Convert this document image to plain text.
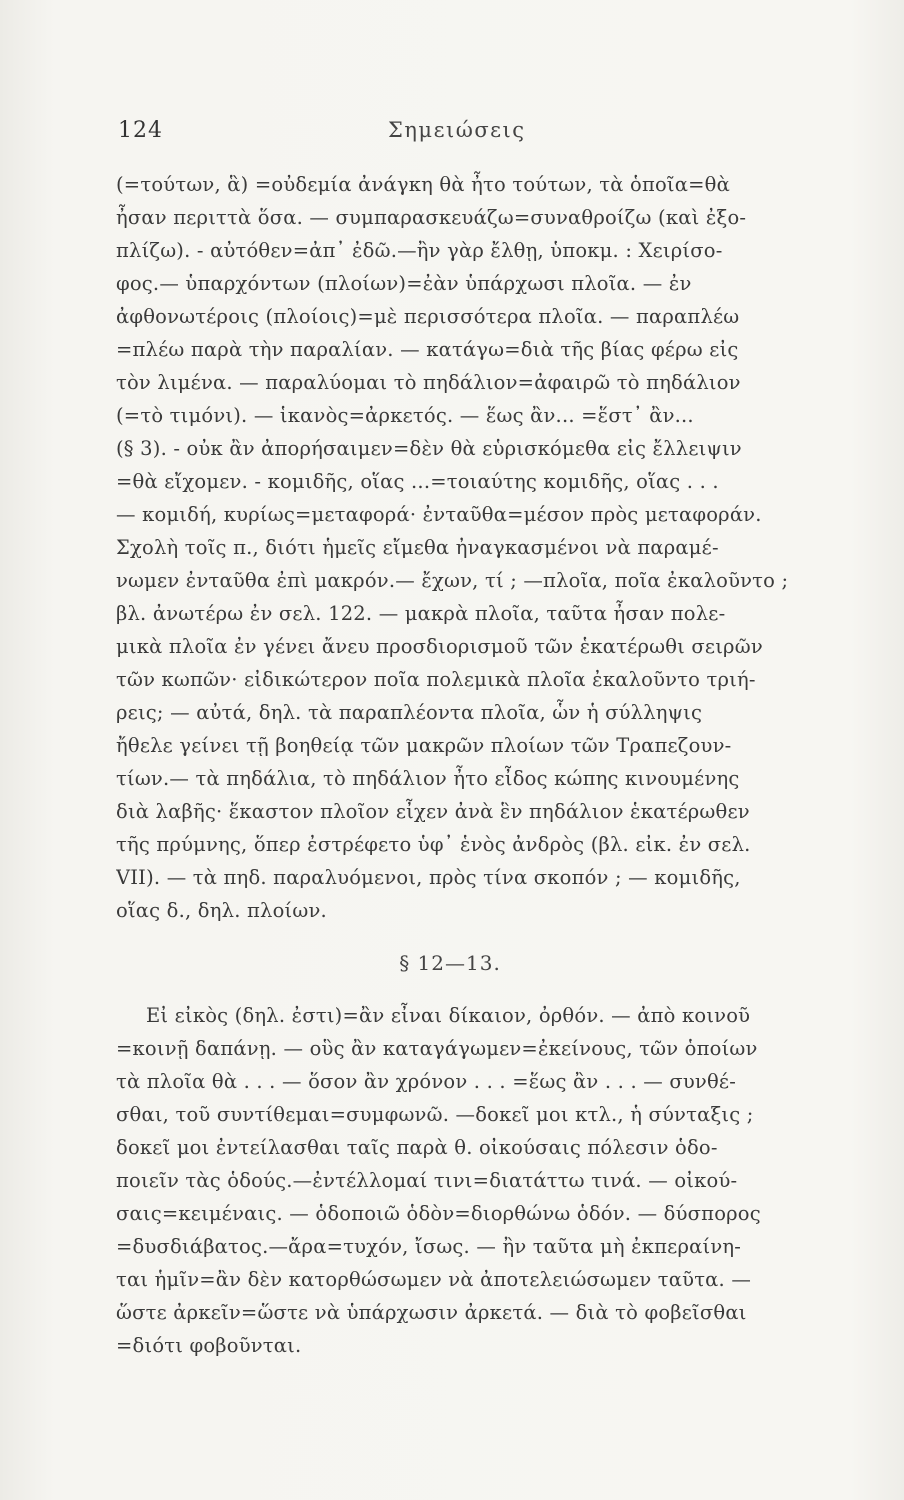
124	Σημειώσεις
(=τούτων, ἃ) =οὐδεμία ἀνάγκη θὰ ἦτο τούτων, τὰ ὁποῖα=θὰ
ἦσαν περιττὰ ὅσα. — συμπαρασκευάζω=συναθροίζω (καὶ ἐξο-
πλίζω). - αὐτόθεν=ἀπ᾿ ἐδῶ.—ἢν γὰρ ἔλθῃ, ὑποκμ. : Χειρίσο-
φος.— ὑπαρχόντων (πλοίων)=ἐὰν ὑπάρχωσι πλοῖα. — ἐν
ἀφθονωτέροις (πλοίοις)=μὲ περισσότερα πλοῖα. — παραπλέω
=πλέω παρὰ τὴν παραλίαν. — κατάγω=διὰ τῆς βίας φέρω εἰς
τὸν λιμένα. — παραλύομαι τὸ πηδάλιον=ἀφαιρῶ τὸ πηδάλιον
(=τὸ τιμόνι). — ἱκανὸς=ἀρκετός. — ἕως ἂν... =ἕστ᾿ ἂν...
(§ 3). - οὐκ ἂν ἀπορήσαιμεν=δὲν θὰ εὑρισκόμεθα εἰς ἔλλειψιν
=θὰ εἴχομεν. - κομιδῆς, οἵας ...=τοιαύτης κομιδῆς, οἵας . . .
— κομιδή, κυρίως=μεταφορά· ἐνταῦθα=μέσον πρὸς μεταφοράν.
Σχολὴ τοῖς π., διότι ἡμεῖς εἴμεθα ἠναγκασμένοι νὰ παραμέ-
νωμεν ἐνταῦθα ἐπὶ μακρόν.— ἔχων, τί ; —πλοῖα, ποῖα ἐκαλοῦντο ;
βλ. ἀνωτέρω ἐν σελ. 122. — μακρὰ πλοῖα, ταῦτα ἦσαν πολε-
μικὰ πλοῖα ἐν γένει ἄνευ προσδιορισμοῦ τῶν ἑκατέρωθι σειρῶν
τῶν κωπῶν· εἰδικώτερον ποῖα πολεμικὰ πλοῖα ἐκαλοῦντο τριή-
ρεις; — αὐτά, δηλ. τὰ παραπλέοντα πλοῖα, ὧν ἡ σύλληψις
ἤθελε γείνει τῇ βοηθείᾳ τῶν μακρῶν πλοίων τῶν Τραπεζουν-
τίων.— τὰ πηδάλια, τὸ πηδάλιον ἦτο εἶδος κώπης κινουμένης
διὰ λαβῆς· ἕκαστον πλοῖον εἶχεν ἀνὰ ἓν πηδάλιον ἑκατέρωθεν
τῆς πρύμνης, ὅπερ ἐστρέφετο ὑφ᾿ ἑνὸς ἀνδρὸς (βλ. εἰκ. ἐν σελ.
VII). — τὰ πηδ. παραλυόμενοι, πρὸς τίνα σκοπόν ; — κομιδῆς,
οἵας δ., δηλ. πλοίων.
§ 12—13.
Εἰ εἰκὸς (δηλ. ἐστι)=ἂν εἶναι δίκαιον, ὀρθόν. — ἀπὸ κοινοῦ
=κοινῇ δαπάνῃ. — οὓς ἂν καταγάγωμεν=ἐκείνους, τῶν ὁποίων
τὰ πλοῖα θὰ . . . — ὅσον ἂν χρόνον . . . =ἕως ἂν . . . — συνθέ-
σθαι, τοῦ συντίθεμαι=συμφωνῶ. —δοκεῖ μοι κτλ., ἡ σύνταξις ;
δοκεῖ μοι ἐντείλασθαι ταῖς παρὰ θ. οἰκούσαις πόλεσιν ὁδο-
ποιεῖν τὰς ὁδούς.—ἐντέλλομαί τινι=διατάττω τινά. — οἰκού-
σαις=κειμέναις. — ὁδοποιῶ ὁδὸν=διορθώνω ὁδόν. — δύσπορος
=δυσδιάβατος.—ἄρα=τυχόν, ἴσως. — ἢν ταῦτα μὴ ἐκπεραίνη-
ται ἡμῖν=ἂν δὲν κατορθώσωμεν νὰ ἀποτελειώσωμεν ταῦτα. —
ὥστε ἀρκεῖν=ὥστε νὰ ὑπάρχωσιν ἀρκετά. — διὰ τὸ φοβεῖσθαι
=διότι φοβοῦνται.
